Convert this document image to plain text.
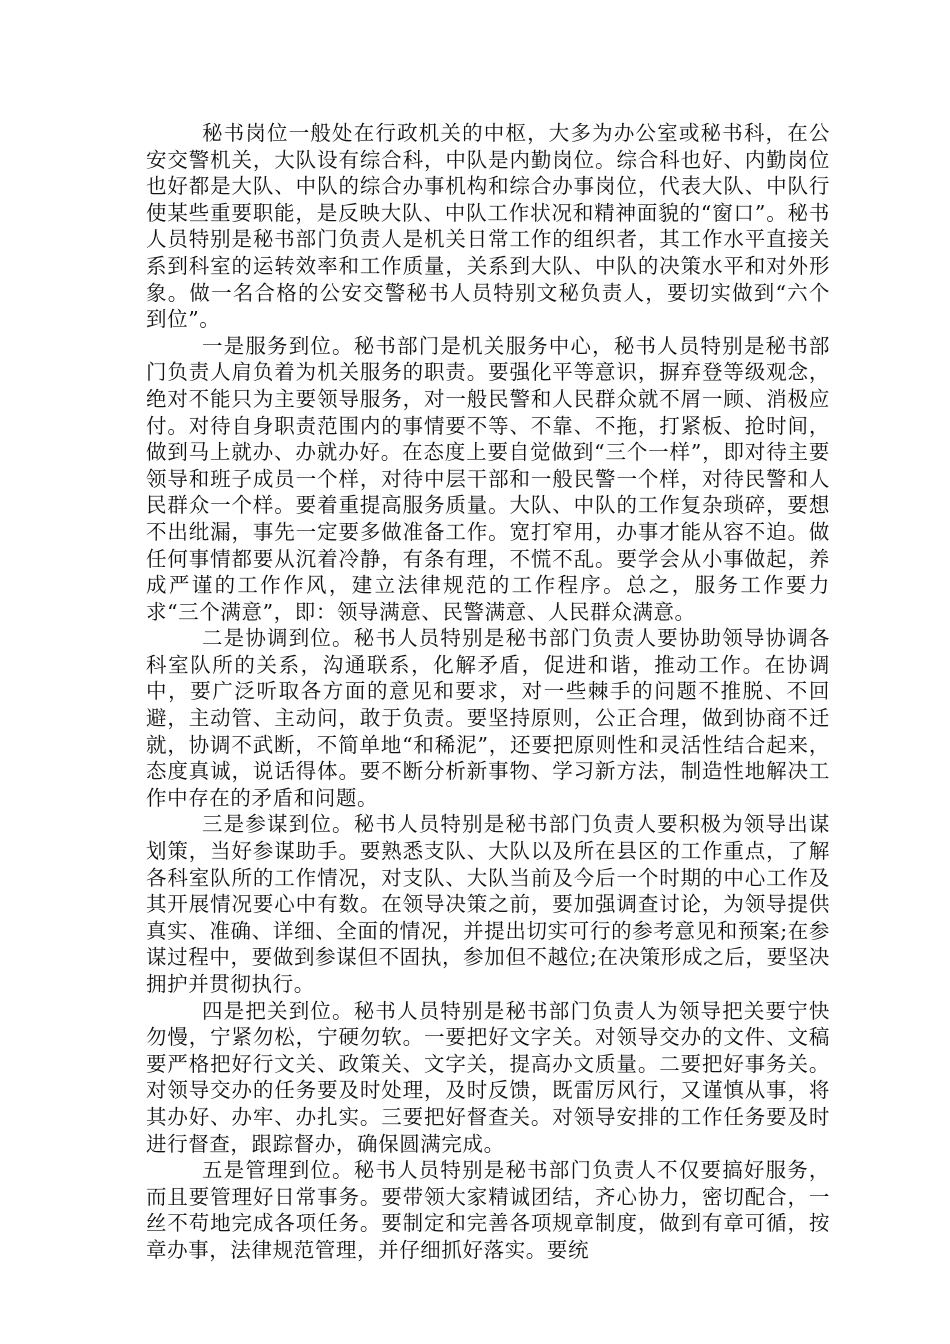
秘书岗位一般处在行政机关的中枢，大多为办公室或秘书科，在公安交警机关，大队设有综合科，中队是内勤岗位。综合科也好、内勤岗位也好都是大队、中队的综合办事机构和综合办事岗位，代表大队、中队行使某些重要职能，是反映大队、中队工作状况和精神面貌的“窗口”。秘书人员特别是秘书部门负责人是机关日常工作的组织者，其工作水平直接关系到科室的运转效率和工作质量，关系到大队、中队的决策水平和对外形象。做一名合格的公安交警秘书人员特别文秘负责人，要切实做到“六个到位”。

一是服务到位。秘书部门是机关服务中心，秘书人员特别是秘书部门负责人肩负着为机关服务的职责。要强化平等意识，摒弃登等级观念，绝对不能只为主要领导服务，对一般民警和人民群众就不屑一顾、消极应付。对待自身职责范围内的事情要不等、不靠、不拖，打紧板、抢时间，做到马上就办、办就办好。在态度上要自觉做到“三个一样”，即对待主要领导和班子成员一个样，对待中层干部和一般民警一个样，对待民警和人民群众一个样。要着重提高服务质量。大队、中队的工作复杂琐碎，要想不出纰漏，事先一定要多做准备工作。宽打窄用，办事才能从容不迫。做任何事情都要从沉着冷静，有条有理，不慌不乱。要学会从小事做起，养成严谨的工作作风，建立法律规范的工作程序。总之，服务工作要力求“三个满意”，即：领导满意、民警满意、人民群众满意。

二是协调到位。秘书人员特别是秘书部门负责人要协助领导协调各科室队所的关系，沟通联系，化解矛盾，促进和谐，推动工作。在协调中，要广泛听取各方面的意见和要求，对一些棘手的问题不推脱、不回避，主动管、主动问，敢于负责。要坚持原则，公正合理，做到协商不迁就，协调不武断，不简单地“和稀泥”，还要把原则性和灵活性结合起来，态度真诚，说话得体。要不断分析新事物、学习新方法，制造性地解决工作中存在的矛盾和问题。

三是参谋到位。秘书人员特别是秘书部门负责人要积极为领导出谋划策，当好参谋助手。要熟悉支队、大队以及所在县区的工作重点，了解各科室队所的工作情况，对支队、大队当前及今后一个时期的中心工作及其开展情况要心中有数。在领导决策之前，要加强调查讨论，为领导提供真实、准确、详细、全面的情况，并提出切实可行的参考意见和预案;在参谋过程中，要做到参谋但不固执，参加但不越位;在决策形成之后，要坚决拥护并贯彻执行。

四是把关到位。秘书人员特别是秘书部门负责人为领导把关要宁快勿慢，宁紧勿松，宁硬勿软。一要把好文字关。对领导交办的文件、文稿要严格把好行文关、政策关、文字关，提高办文质量。二要把好事务关。对领导交办的任务要及时处理，及时反馈，既雷厉风行，又谨慎从事，将其办好、办牢、办扎实。三要把好督查关。对领导安排的工作任务要及时进行督查，跟踪督办，确保圆满完成。

五是管理到位。秘书人员特别是秘书部门负责人不仅要搞好服务，而且要管理好日常事务。要带领大家精诚团结，齐心协力，密切配合，一丝不苟地完成各项任务。要制定和完善各项规章制度，做到有章可循，按章办事，法律规范管理，并仔细抓好落实。要统
